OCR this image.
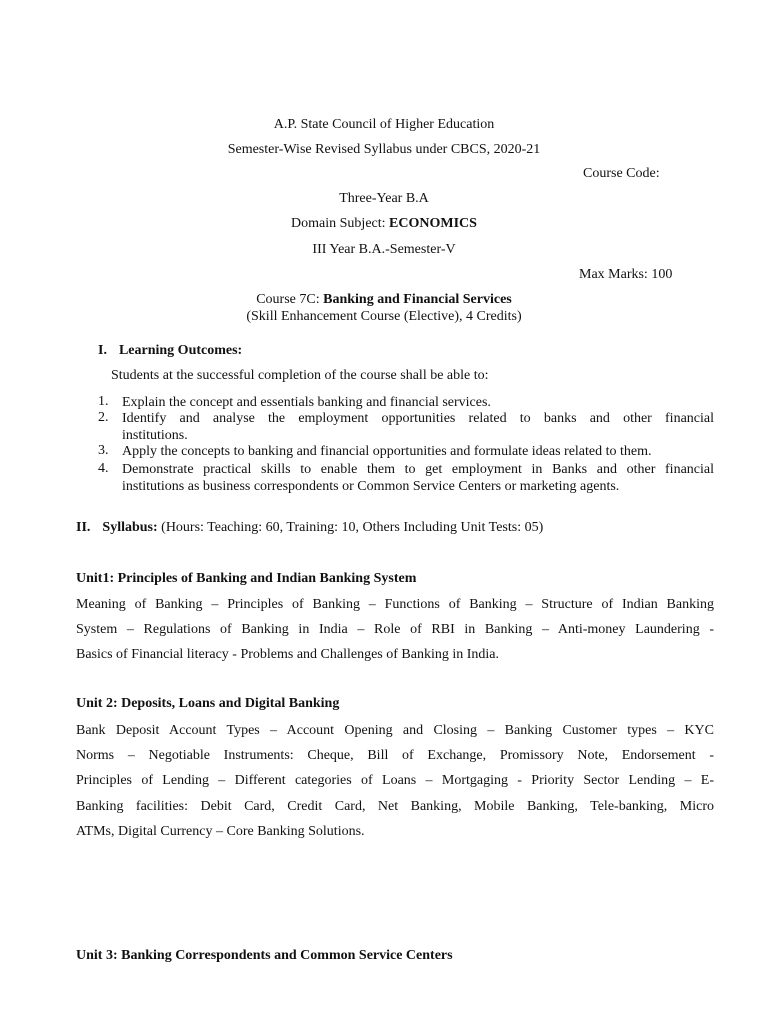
A.P. State Council of Higher Education
Semester-Wise Revised Syllabus under CBCS, 2020-21
Course Code:
Three-Year B.A
Domain Subject: ECONOMICS
III Year B.A.-Semester-V
Max Marks: 100
Course 7C: Banking and Financial Services
(Skill Enhancement Course (Elective), 4 Credits)
I. Learning Outcomes:
Students at the successful completion of the course shall be able to:
1. Explain the concept and essentials banking and financial services.
2. Identify and analyse the employment opportunities related to banks and other financial
institutions.
3. Apply the concepts to banking and financial opportunities and formulate ideas related to them.
4. Demonstrate practical skills to enable them to get employment in Banks and other financial
institutions as business correspondents or Common Service Centers or marketing agents.
II. Syllabus: (Hours: Teaching: 60, Training: 10, Others Including Unit Tests: 05)
Unit1: Principles of Banking and Indian Banking System
Meaning of Banking – Principles of Banking – Functions of Banking – Structure of Indian Banking
System – Regulations of Banking in India – Role of RBI in Banking – Anti-money Laundering -
Basics of Financial literacy - Problems and Challenges of Banking in India.
Unit 2: Deposits, Loans and Digital Banking
Bank Deposit Account Types – Account Opening and Closing – Banking Customer types – KYC
Norms – Negotiable Instruments: Cheque, Bill of Exchange, Promissory Note, Endorsement -
Principles of Lending – Different categories of Loans – Mortgaging - Priority Sector Lending – E-
Banking facilities: Debit Card, Credit Card, Net Banking, Mobile Banking, Tele-banking, Micro
ATMs, Digital Currency – Core Banking Solutions.
Unit 3: Banking Correspondents and Common Service Centers
